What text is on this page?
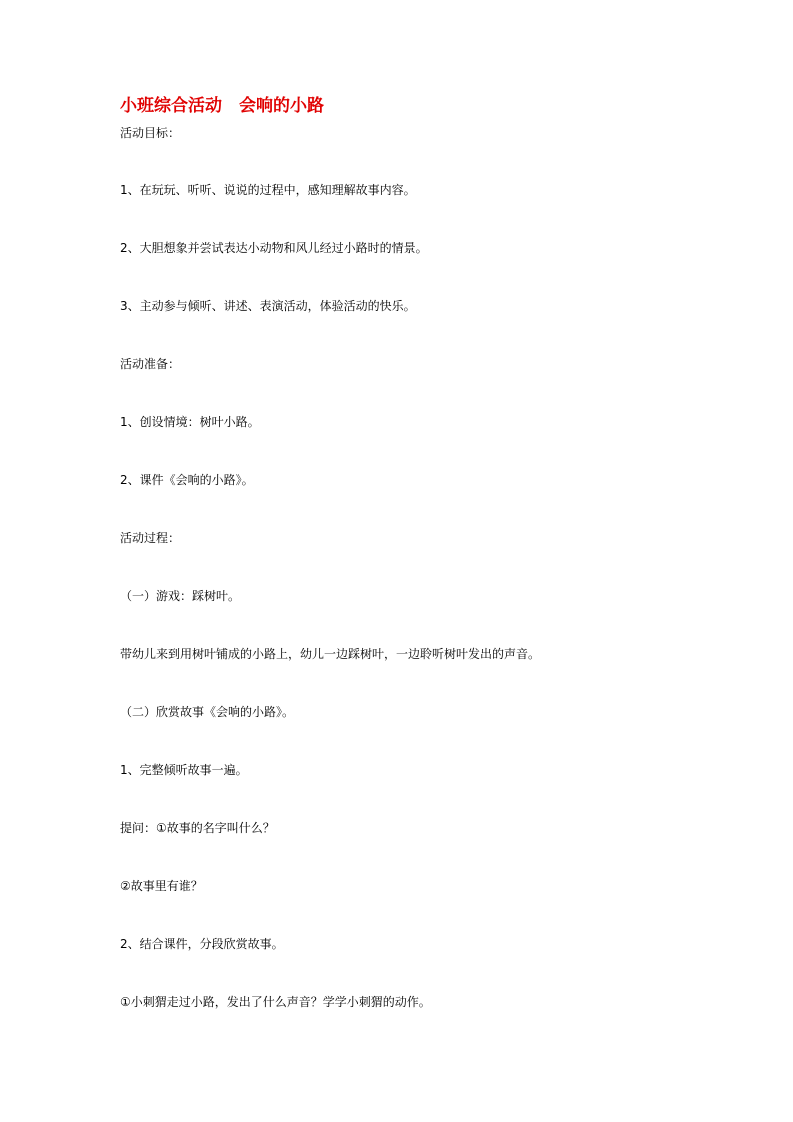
小班综合活动　会响的小路

活动目标：

1、在玩玩、听听、说说的过程中，感知理解故事内容。

2、大胆想象并尝试表达小动物和风儿经过小路时的情景。

3、主动参与倾听、讲述、表演活动，体验活动的快乐。

活动准备：

1、创设情境：树叶小路。

2、课件《会响的小路》。

活动过程：

（一）游戏：踩树叶。

带幼儿来到用树叶铺成的小路上，幼儿一边踩树叶，一边聆听树叶发出的声音。

（二）欣赏故事《会响的小路》。

1、完整倾听故事一遍。

提问：①故事的名字叫什么？

②故事里有谁？

2、结合课件，分段欣赏故事。

①小刺猬走过小路，发出了什么声音？学学小刺猬的动作。
